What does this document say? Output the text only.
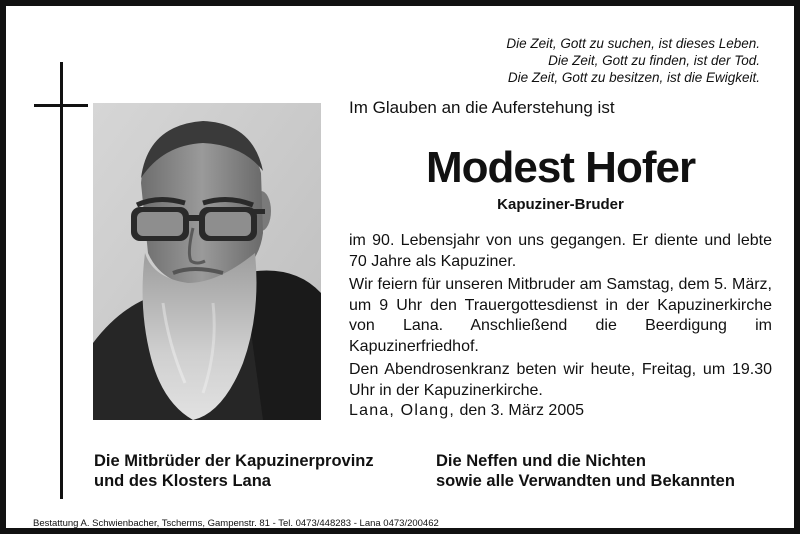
Die Zeit, Gott zu suchen, ist dieses Leben.
Die Zeit, Gott zu finden, ist der Tod.
Die Zeit, Gott zu besitzen, ist die Ewigkeit.
Im Glauben an die Auferstehung ist
Modest Hofer
Kapuziner-Bruder

im 90. Lebensjahr von uns gegangen. Er diente und lebte 70 Jahre als Kapuziner.

Wir feiern für unseren Mitbruder am Samstag, dem 5. März, um 9 Uhr den Trauergottesdienst in der Kapuzinerkirche von Lana. Anschließend die Beerdigung im Kapuzinerfriedhof.

Den Abendrosenkranz beten wir heute, Freitag, um 19.30 Uhr in der Kapuzinerkirche.

Lana, Olang, den 3. März 2005
Die Mitbrüder der Kapuzinerprovinz
und des Klosters Lana
Die Neffen und die Nichten
sowie alle Verwandten und Bekannten
Bestattung A. Schwienbacher, Tscherms, Gampenstr. 81 - Tel. 0473/448283 - Lana 0473/200462
